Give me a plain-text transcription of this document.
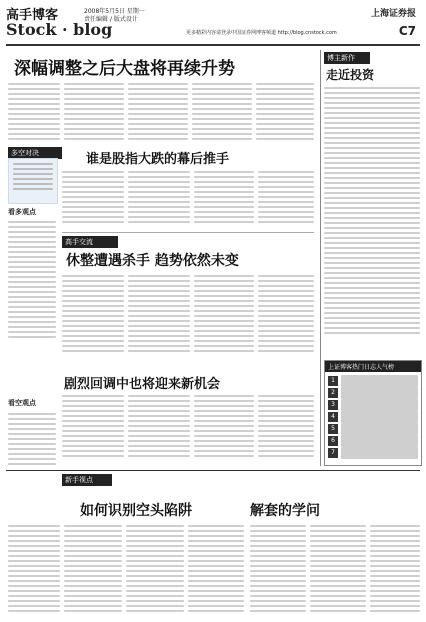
高手博客
Stock · blog
2008年5月5日 星期一
责任编辑 / 版式设计
上海证券报
C7
更多精彩内容请登录中国证券网博客频道 http://blog.cnstock.com
深幅调整之后大盘将再续升势
多空对决
看多观点
看空观点
谁是股指大跌的幕后推手
高手交流
休整遭遇杀手 趋势依然未变
剧烈回调中也将迎来新机会
博主新作
走近投资
上证博客热门日志人气榜
1
2
3
4
5
6
7
新手视点
如何识别空头陷阱	解套的学问
